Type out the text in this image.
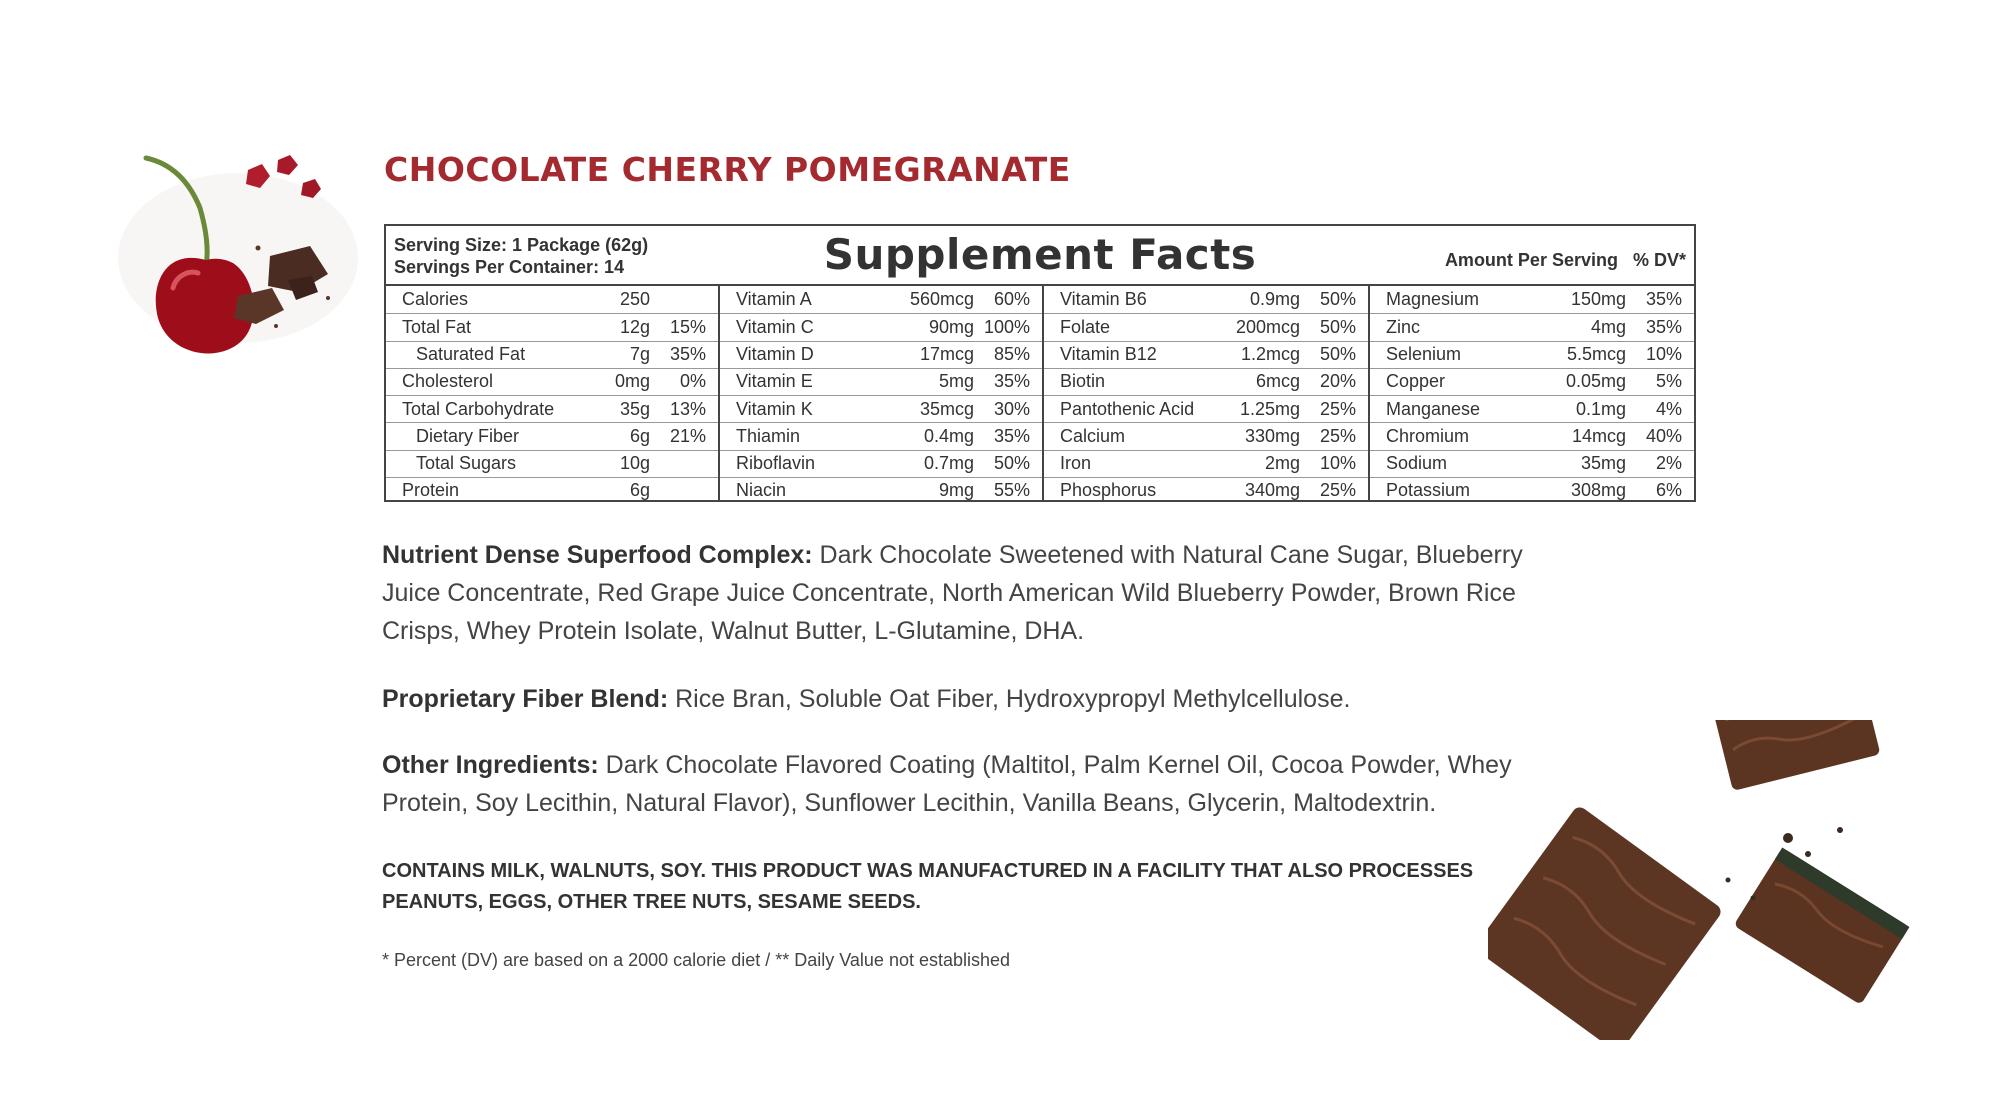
CHOCOLATE CHERRY POMEGRANATE
Serving Size: 1 Package (62g)
Servings Per Container: 14	Supplement Facts	Amount Per Serving % DV*
Calories	250
Total Fat	12g	15%
Saturated Fat	7g	35%
Cholesterol	0mg	0%
Total Carbohydrate	35g	13%
Dietary Fiber	6g	21%
Total Sugars	10g
Protein	6g
Vitamin A	560mcg	60%
Vitamin C	90mg 100%
Vitamin D	17mcg	85%
Vitamin E	5mg	35%
Vitamin K	35mcg	30%
Thiamin	0.4mg	35%
Riboflavin	0.7mg	50%
Niacin	9mg	55%
Vitamin B6	0.9mg	50%
Folate	200mcg	50%
Vitamin B12	1.2mcg	50%
Biotin	6mcg	20%
Pantothenic Acid	1.25mg	25%
Calcium	330mg	25%
Iron	2mg	10%
Phosphorus	340mg	25%
Magnesium	150mg	35%
Zinc	4mg	35%
Selenium	5.5mcg	10%
Copper	0.05mg	5%
Manganese	0.1mg	4%
Chromium	14mcg	40%
Sodium	35mg	2%
Potassium	308mg	6%

Nutrient Dense Superfood Complex: Dark Chocolate Sweetened with Natural Cane Sugar, Blueberry Juice Concentrate, Red Grape Juice Concentrate, North American Wild Blueberry Powder, Brown Rice Crisps, Whey Protein Isolate, Walnut Butter, L-Glutamine, DHA.

Proprietary Fiber Blend: Rice Bran, Soluble Oat Fiber, Hydroxypropyl Methylcellulose.

Other Ingredients: Dark Chocolate Flavored Coating (Maltitol, Palm Kernel Oil, Cocoa Powder, Whey Protein, Soy Lecithin, Natural Flavor), Sunflower Lecithin, Vanilla Beans, Glycerin, Maltodextrin.

CONTAINS MILK, WALNUTS, SOY. THIS PRODUCT WAS MANUFACTURED IN A FACILITY THAT ALSO PROCESSES PEANUTS, EGGS, OTHER TREE NUTS, SESAME SEEDS.

* Percent (DV) are based on a 2000 calorie diet / ** Daily Value not established
